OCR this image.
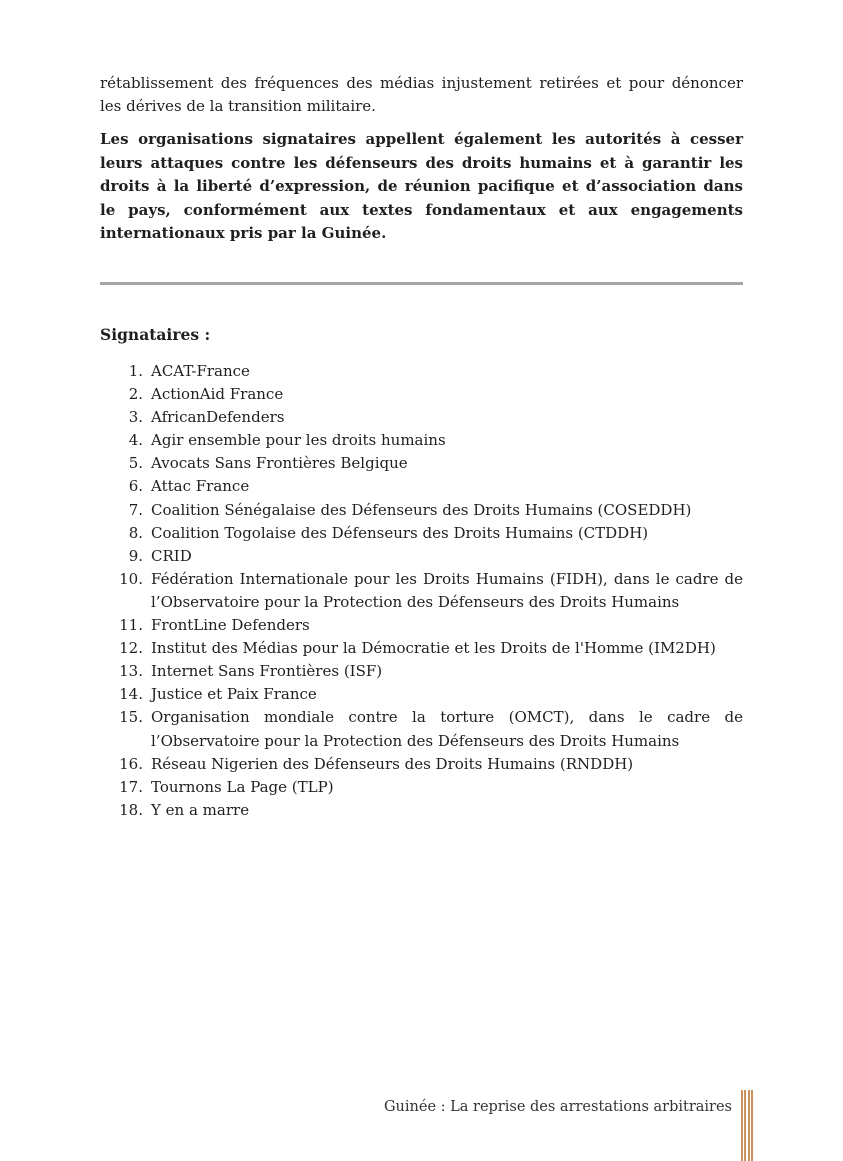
rétablissement des fréquences des médias injustement retirées et pour dénoncer les dérives de la transition militaire.

Les organisations signataires appellent également les autorités à cesser leurs attaques contre les défenseurs des droits humains et à garantir les droits à la liberté d’expression, de réunion pacifique et d’association dans le pays, conformément aux textes fondamentaux et aux engagements internationaux pris par la Guinée.

Signataires :

1. ACAT-France
2. ActionAid France
3. AfricanDefenders
4. Agir ensemble pour les droits humains
5. Avocats Sans Frontières Belgique
6. Attac France
7. Coalition Sénégalaise des Défenseurs des Droits Humains (COSEDDH)
8. Coalition Togolaise des Défenseurs des Droits Humains (CTDDH)
9. CRID
10. Fédération Internationale pour les Droits Humains (FIDH), dans le cadre de l’Observatoire pour la Protection des Défenseurs des Droits Humains
11. FrontLine Defenders
12. Institut des Médias pour la Démocratie et les Droits de l'Homme (IM2DH)
13. Internet Sans Frontières (ISF)
14. Justice et Paix France
15. Organisation mondiale contre la torture (OMCT), dans le cadre de l’Observatoire pour la Protection des Défenseurs des Droits Humains
16. Réseau Nigerien des Défenseurs des Droits Humains (RNDDH)
17. Tournons La Page (TLP)
18. Y en a marre
Guinée : La reprise des arrestations arbitraires
